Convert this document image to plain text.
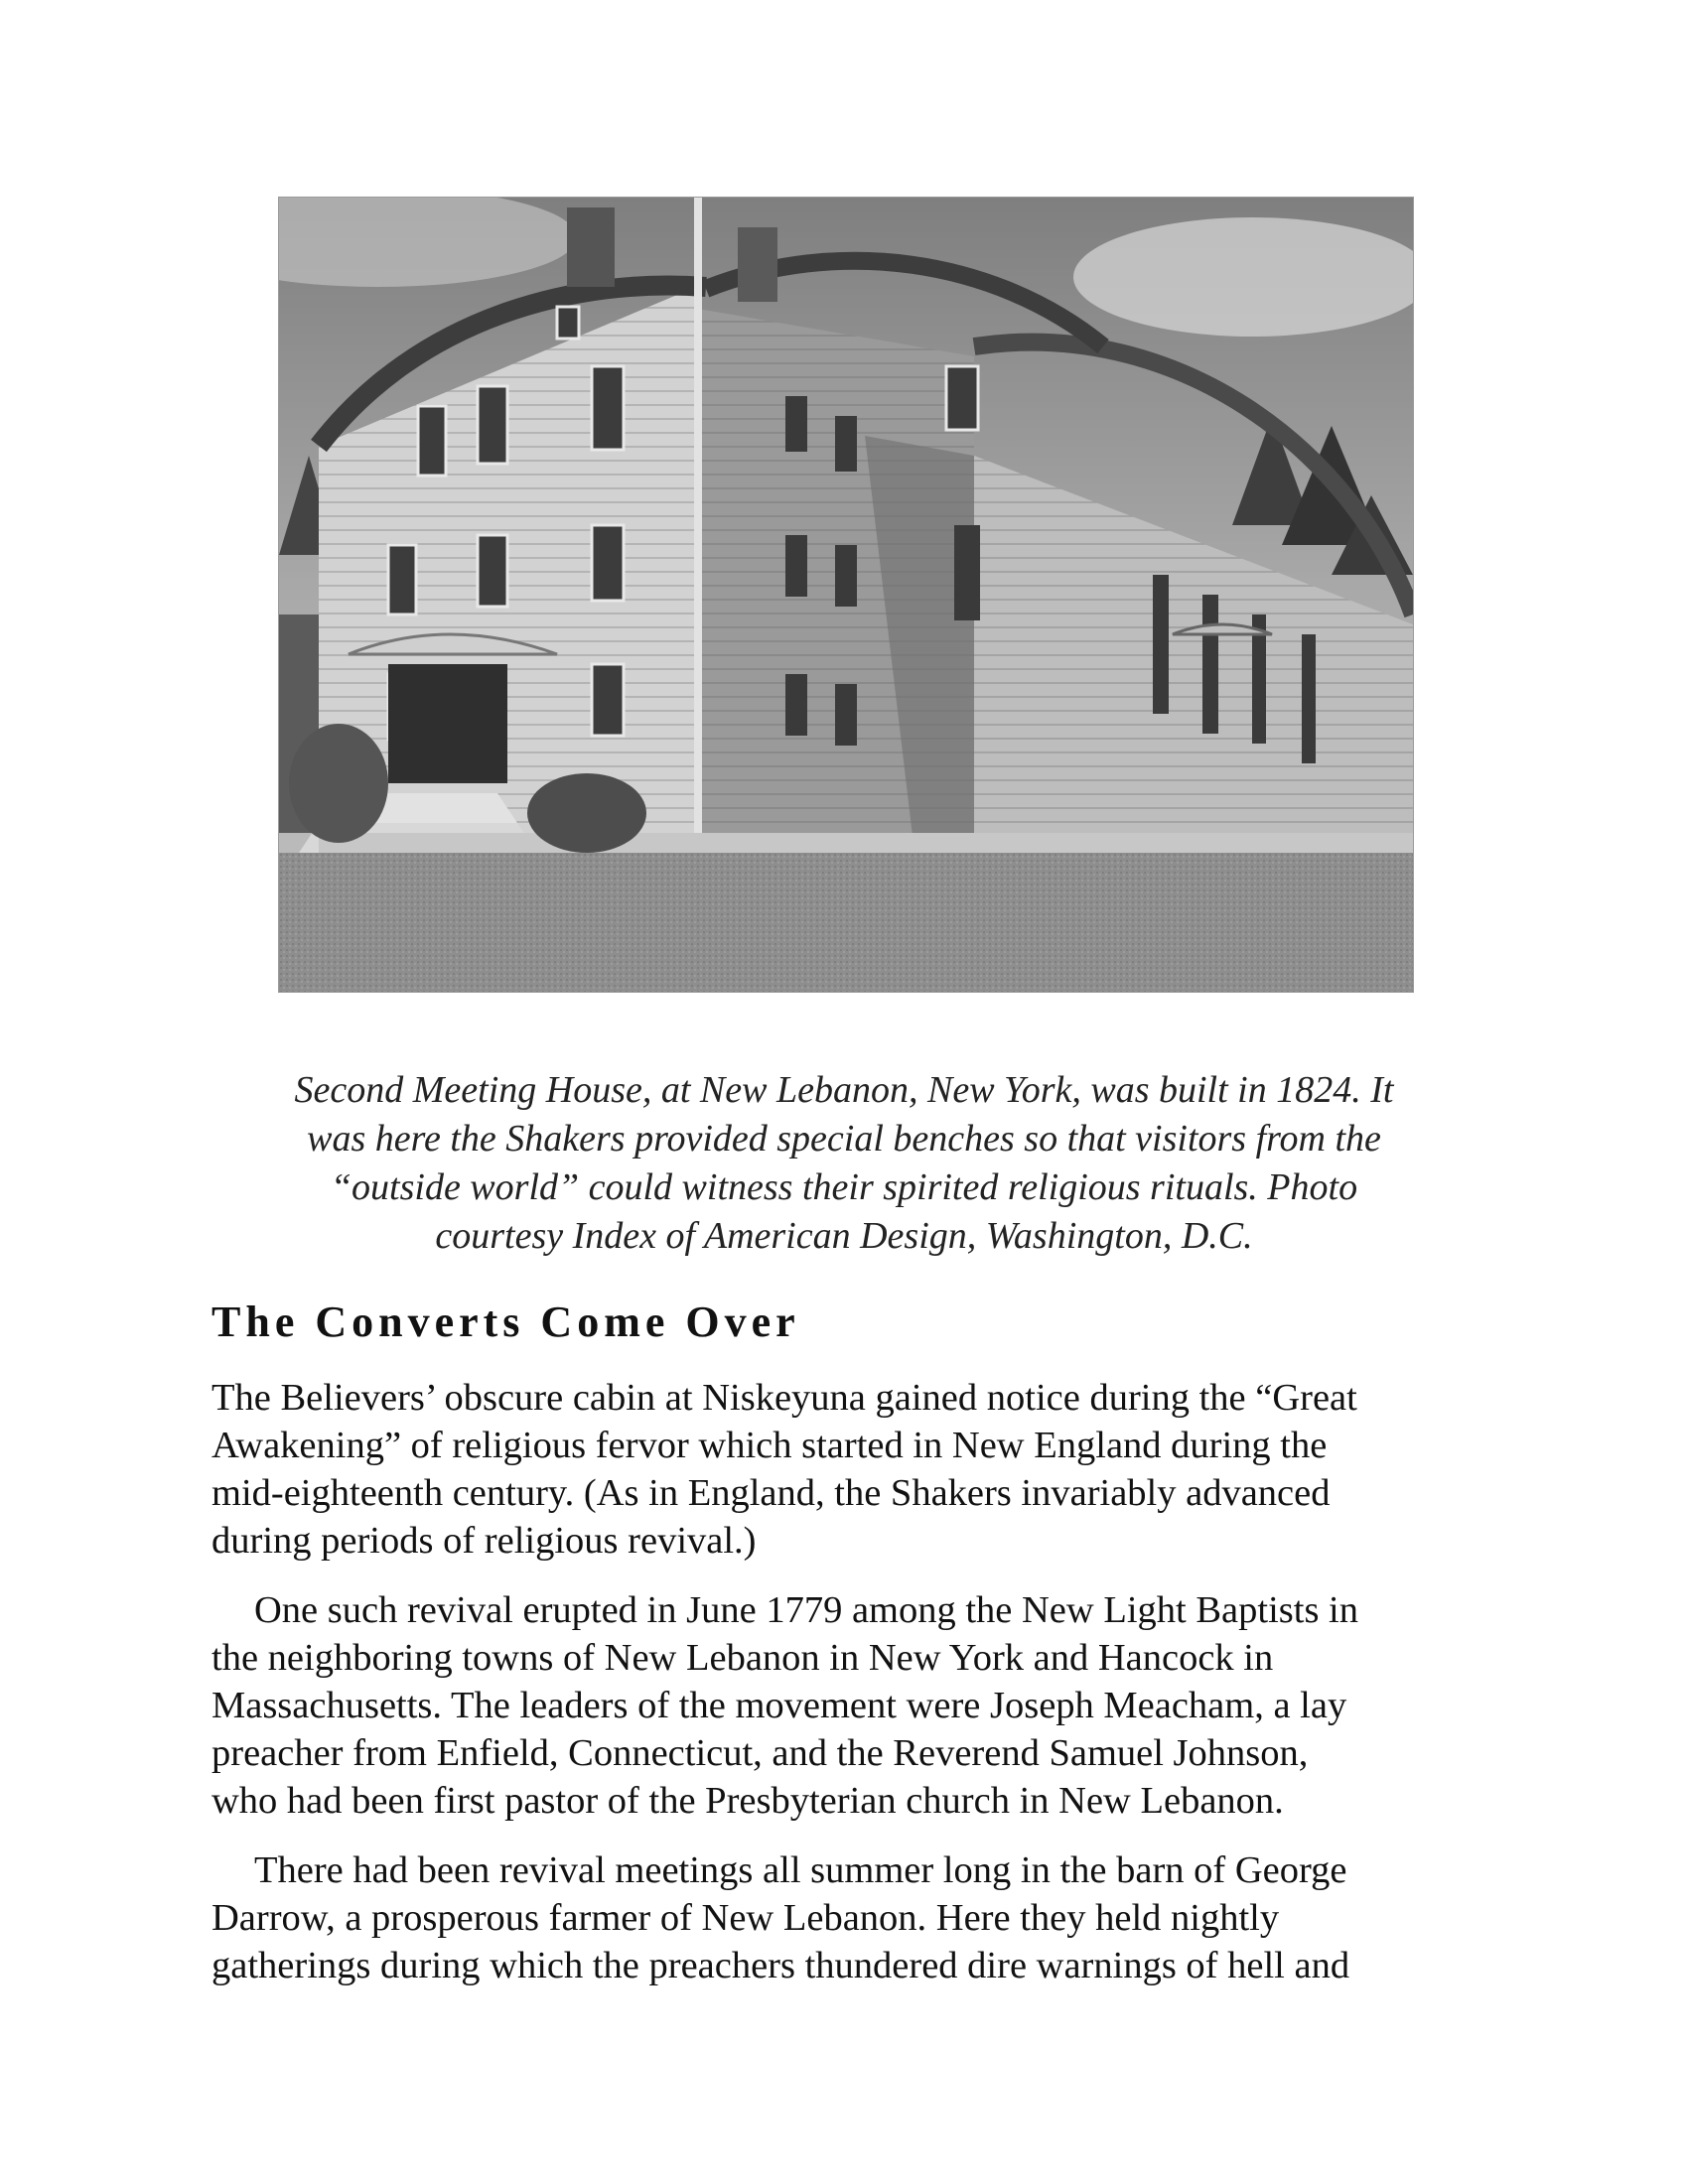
Second Meeting House, at New Lebanon, New York, was built in 1824. It
was here the Shakers provided special benches so that visitors from the
“outside world” could witness their spirited religious rituals. Photo
courtesy Index of American Design, Washington, D.C.
The Converts Come Over
The Believers’ obscure cabin at Niskeyuna gained notice during the “Great
Awakening” of religious fervor which started in New England during the
mid-eighteenth century. (As in England, the Shakers invariably advanced
during periods of religious revival.)
One such revival erupted in June 1779 among the New Light Baptists in
the neighboring towns of New Lebanon in New York and Hancock in
Massachusetts. The leaders of the movement were Joseph Meacham, a lay
preacher from Enfield, Connecticut, and the Reverend Samuel Johnson,
who had been first pastor of the Presbyterian church in New Lebanon.
There had been revival meetings all summer long in the barn of George
Darrow, a prosperous farmer of New Lebanon. Here they held nightly
gatherings during which the preachers thundered dire warnings of hell and
